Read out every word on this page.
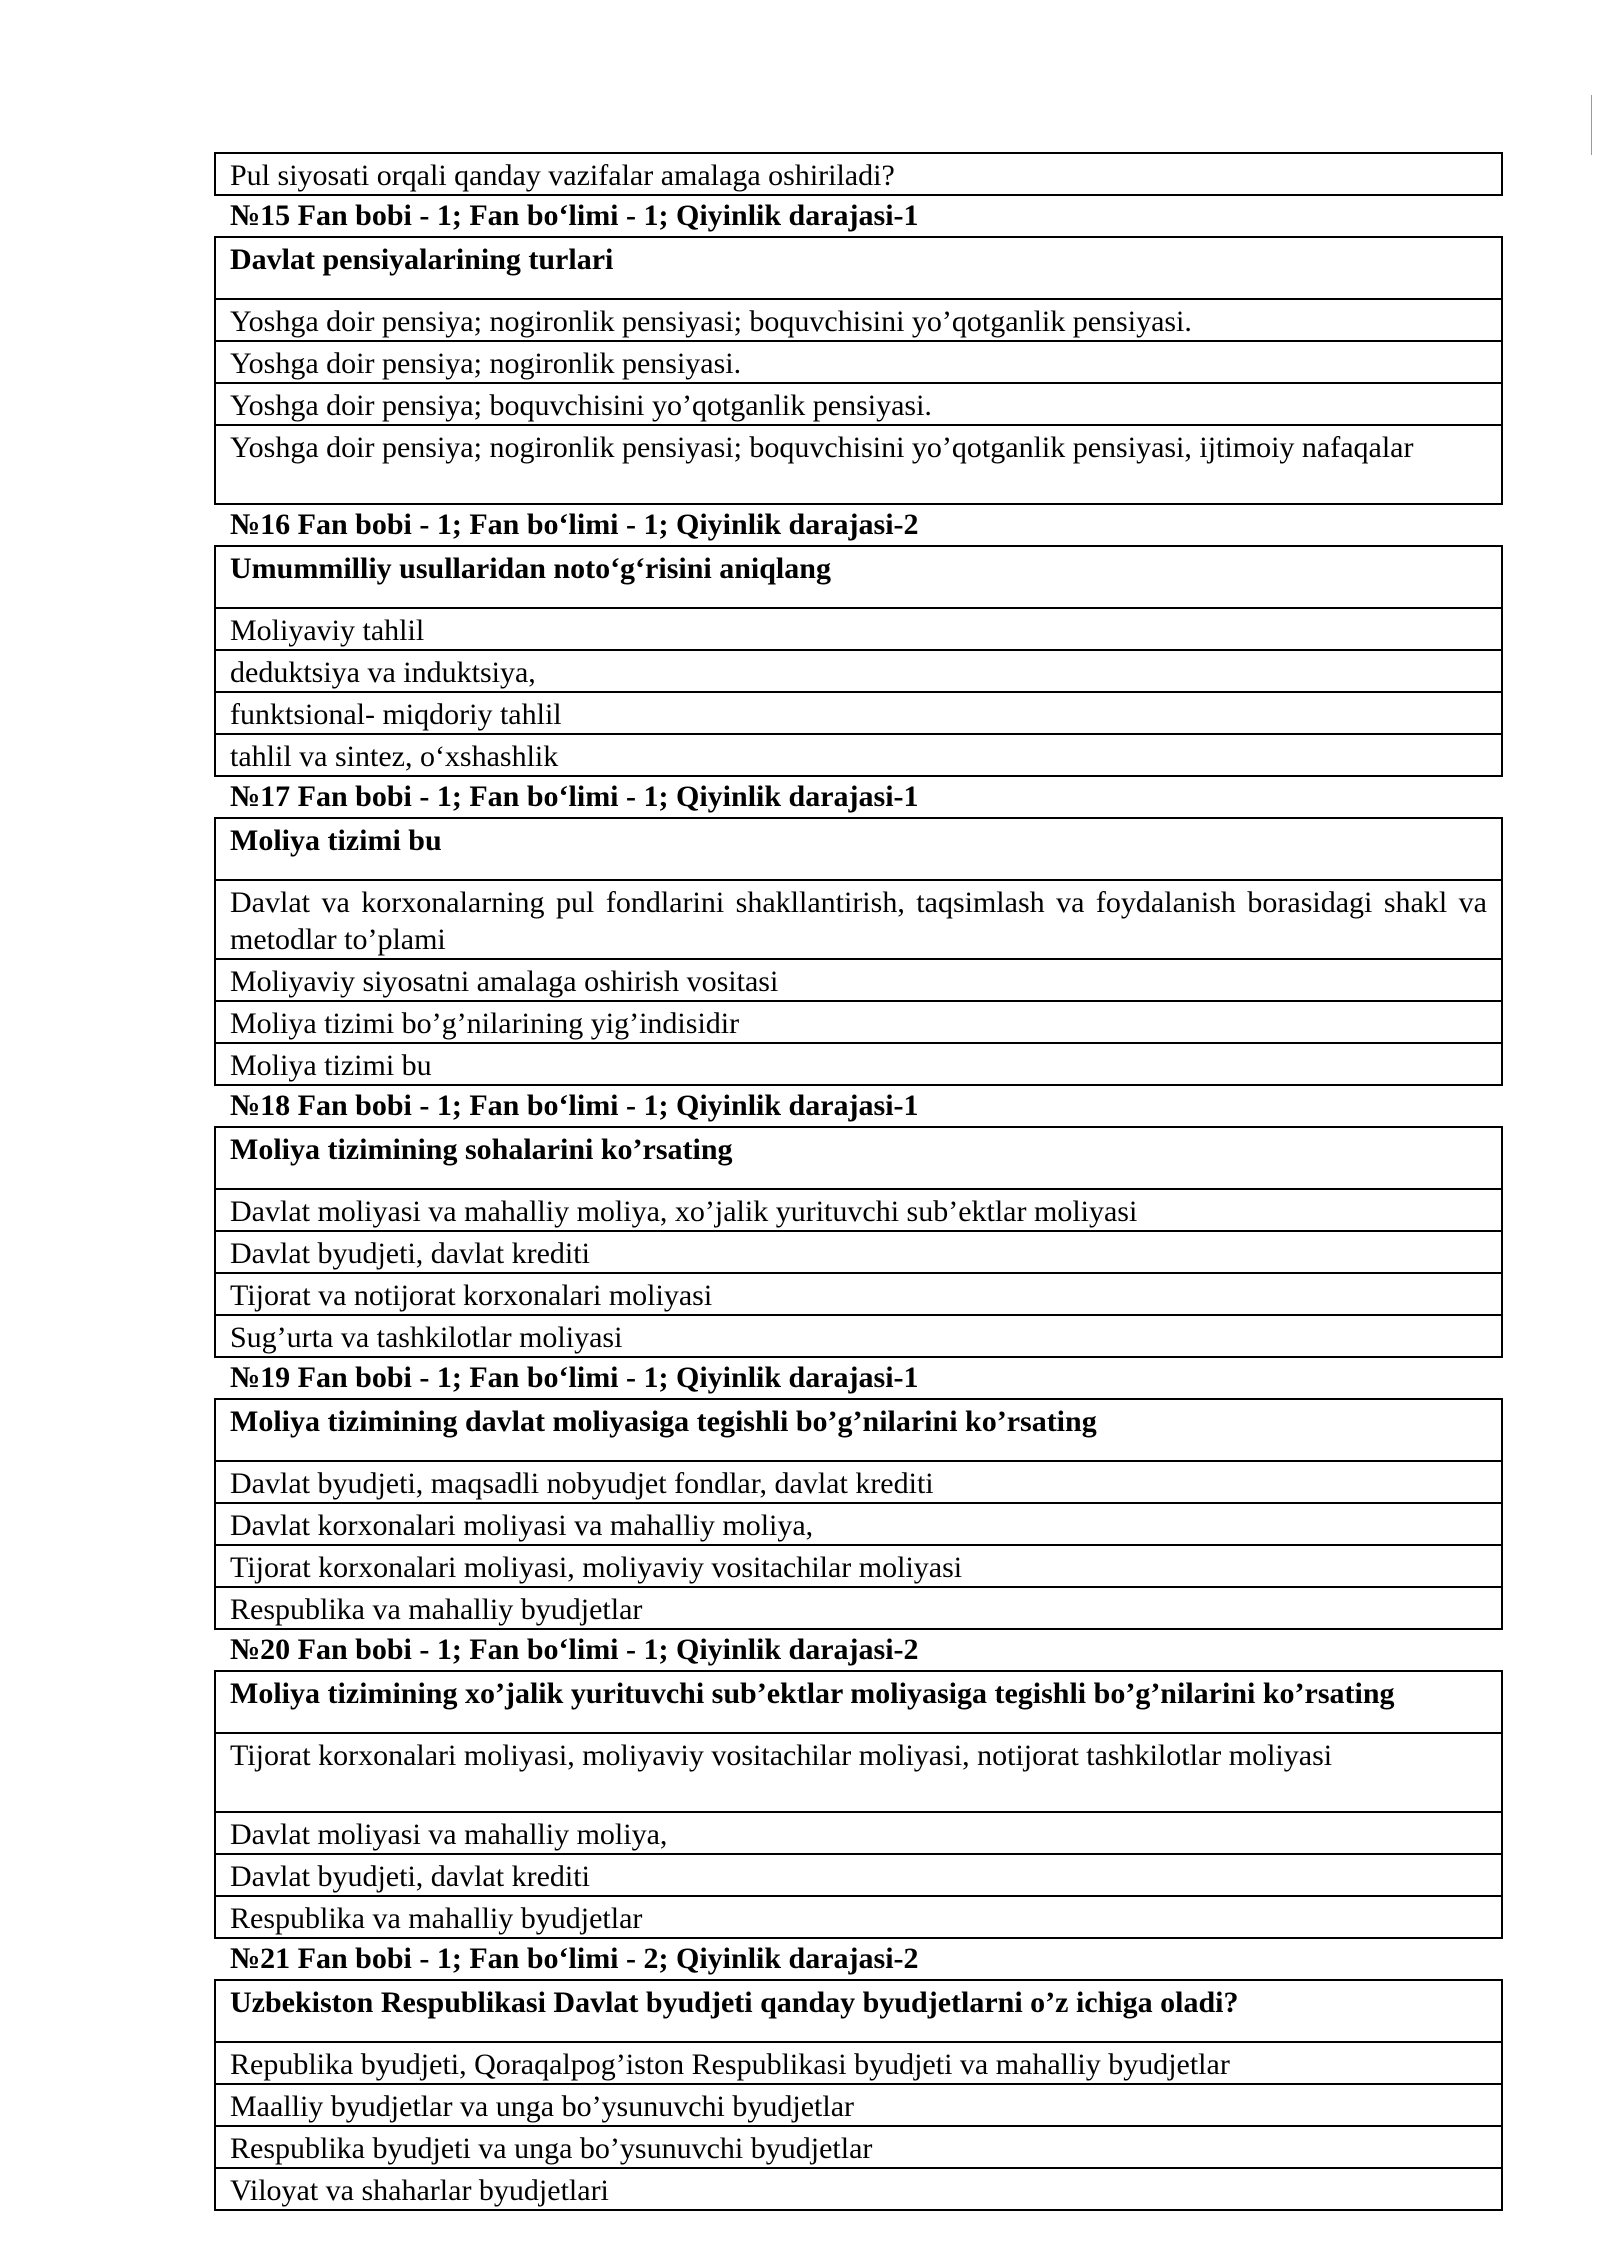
Pul siyosati orqali qanday vazifalar amalaga oshiriladi?
№15 Fan bobi - 1; Fan bo‘limi - 1; Qiyinlik darajasi-1
Davlat pensiyalarining turlari
Yoshga doir pensiya; nogironlik pensiyasi; boquvchisini yo’qotganlik pensiyasi.
Yoshga doir pensiya; nogironlik pensiyasi.
Yoshga doir pensiya; boquvchisini yo’qotganlik pensiyasi.
Yoshga doir pensiya; nogironlik pensiyasi; boquvchisini yo’qotganlik pensiyasi, ijtimoiy nafaqalar
№16 Fan bobi - 1; Fan bo‘limi - 1; Qiyinlik darajasi-2
Umummilliy usullaridan noto‘g‘risini aniqlang
Moliyaviy tahlil
deduktsiya va induktsiya,
funktsional- miqdoriy tahlil
tahlil va sintez, o‘xshashlik
№17 Fan bobi - 1; Fan bo‘limi - 1; Qiyinlik darajasi-1
Moliya tizimi bu
Davlat va korxonalarning pul fondlarini shakllantirish, taqsimlash va foydalanish borasidagi shakl va metodlar to’plami
Moliyaviy siyosatni amalaga oshirish vositasi
Moliya tizimi bo’g’nilarining yig’indisidir
Moliya tizimi bu
№18 Fan bobi - 1; Fan bo‘limi - 1; Qiyinlik darajasi-1
Moliya tizimining sohalarini ko’rsating
Davlat moliyasi va mahalliy moliya, xo’jalik yurituvchi sub’ektlar moliyasi
Davlat byudjeti, davlat krediti
Tijorat va notijorat korxonalari moliyasi
Sug’urta va tashkilotlar moliyasi
№19 Fan bobi - 1; Fan bo‘limi - 1; Qiyinlik darajasi-1
Moliya tizimining davlat moliyasiga tegishli bo’g’nilarini ko’rsating
Davlat byudjeti, maqsadli nobyudjet fondlar, davlat krediti
Davlat korxonalari moliyasi va mahalliy moliya,
Tijorat korxonalari moliyasi, moliyaviy vositachilar moliyasi
Respublika va mahalliy byudjetlar
№20 Fan bobi - 1; Fan bo‘limi - 1; Qiyinlik darajasi-2
Moliya tizimining xo’jalik yurituvchi sub’ektlar moliyasiga tegishli bo’g’nilarini ko’rsating
Tijorat korxonalari moliyasi, moliyaviy vositachilar moliyasi, notijorat tashkilotlar moliyasi
Davlat moliyasi va mahalliy moliya,
Davlat byudjeti, davlat krediti
Respublika va mahalliy byudjetlar
№21 Fan bobi - 1; Fan bo‘limi - 2; Qiyinlik darajasi-2
Uzbekiston Respublikasi Davlat byudjeti qanday byudjetlarni o’z ichiga oladi?
Republika byudjeti, Qoraqalpog’iston Respublikasi byudjeti va mahalliy byudjetlar
Maalliy byudjetlar va unga bo’ysunuvchi byudjetlar
Respublika byudjeti va unga bo’ysunuvchi byudjetlar
Viloyat va shaharlar byudjetlari
